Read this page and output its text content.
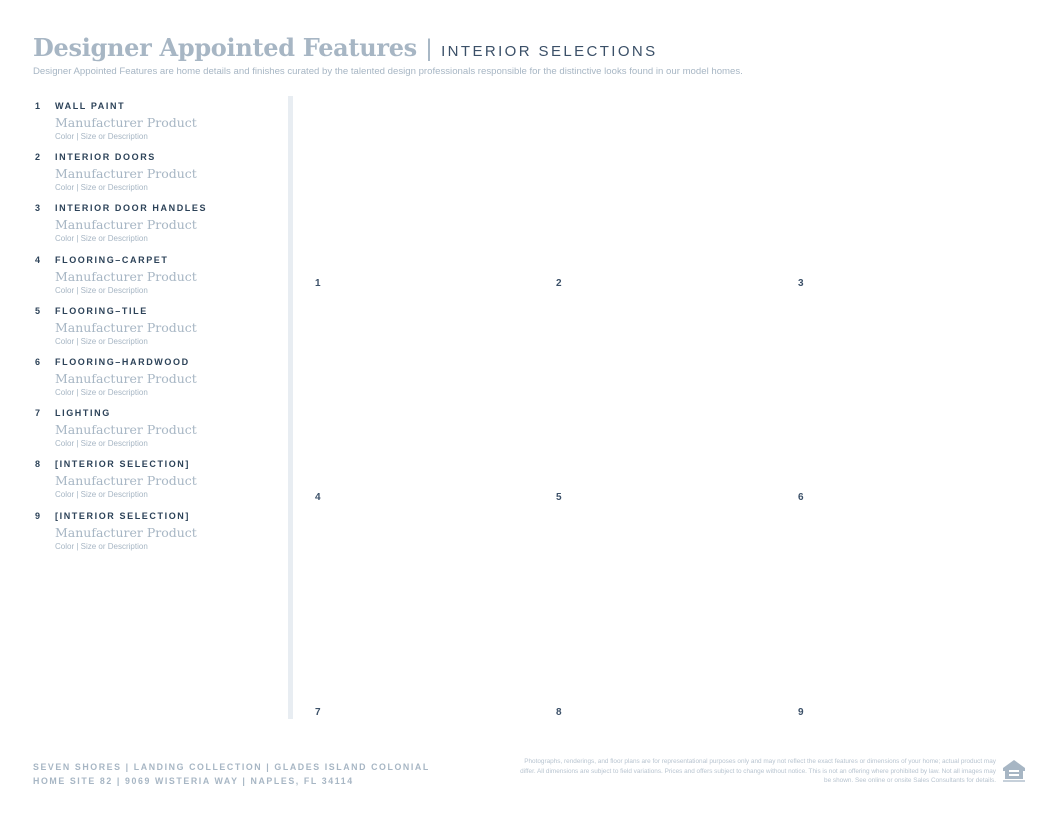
Designer Appointed Features | INTERIOR SELECTIONS
Designer Appointed Features are home details and finishes curated by the talented design professionals responsible for the distinctive looks found in our model homes.
1 WALL PAINT
Manufacturer Product
Color | Size or Description
2 INTERIOR DOORS
Manufacturer Product
Color | Size or Description
3 INTERIOR DOOR HANDLES
Manufacturer Product
Color | Size or Description
4 FLOORING–CARPET
Manufacturer Product
Color | Size or Description
5 FLOORING–TILE
Manufacturer Product
Color | Size or Description
6 FLOORING–HARDWOOD
Manufacturer Product
Color | Size or Description
7 LIGHTING
Manufacturer Product
Color | Size or Description
8 [INTERIOR SELECTION]
Manufacturer Product
Color | Size or Description
9 [INTERIOR SELECTION]
Manufacturer Product
Color | Size or Description
1	2	3
4	5	6
7	8	9
SEVEN SHORES | LANDING COLLECTION | GLADES ISLAND COLONIAL
HOME SITE 82 | 9069 WISTERIA WAY | NAPLES, FL 34114
Photographs, renderings, and floor plans are for representational purposes only and may not reflect the exact features or dimensions of your home; actual product may differ. All dimensions are subject to field variations. Prices and offers subject to change without notice. This is not an offering where prohibited by law. Not all images may be shown. See online or onsite Sales Consultants for details.
